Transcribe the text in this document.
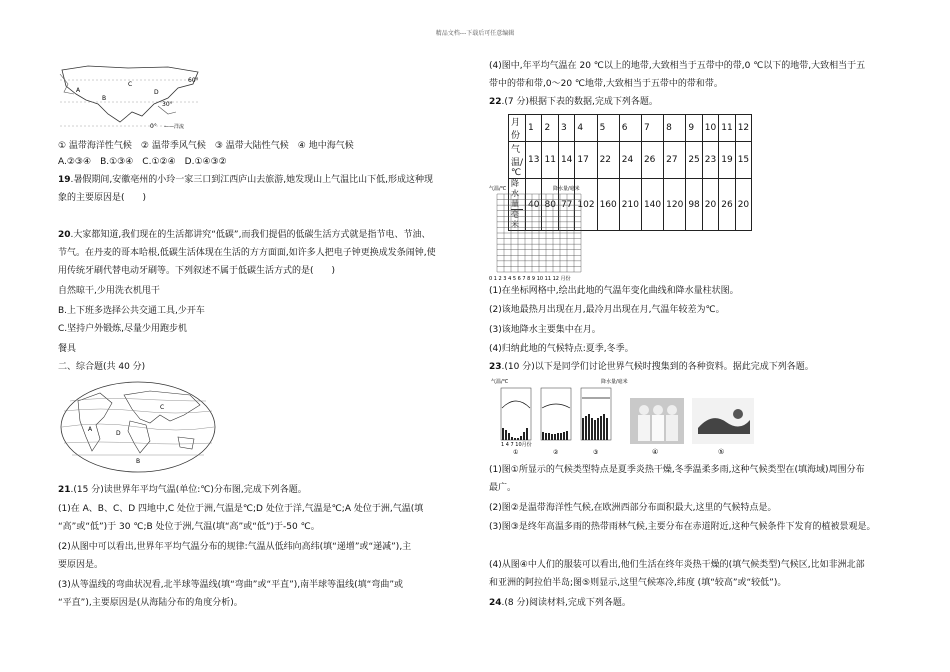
精品文档---下载后可任意编辑
60°
30°
0° ——洋流
A
B
C
D
① 温带海洋性气候　② 温带季风气候　③ 温带大陆性气候　④ 地中海气候
A.②③④　B.①③④　C.①②④　D.①④③②
19.暑假期间,安徽亳州的小玲一家三口到江西庐山去旅游,她发现山上气温比山下低,形成这种现
象的主要原因是(　　)
20.大家都知道,我们现在的生活都讲究“低碳”,而我们提倡的低碳生活方式就是指节电、节油、
节气。在丹麦的哥本哈根,低碳生活体现在生活的方方面面,如许多人把电子钟更换成发条闹钟,使
用传统牙刷代替电动牙刷等。下列叙述不属于低碳生活方式的是(　　)
自然晾干,少用洗衣机甩干
B.上下班多选择公共交通工具,少开车
C.坚持户外锻炼,尽量少用跑步机
餐具
二、综合题(共 40 分)
A
B
C
D
21.(15 分)读世界年平均气温(单位:℃)分布图,完成下列各题。
(1)在 A、B、C、D 四地中,C 处位于洲,气温是℃;D 处位于洋,气温是℃;A 处位于洲,气温(填
“高”或“低”)于 30 ℃;B 处位于洲,气温(填“高”或“低”)于-50 ℃。
(2)从图中可以看出,世界年平均气温分布的规律:气温从低纬向高纬(填“递增”或“递减”),主
要原因是。
(3)从等温线的弯曲状况看,北半球等温线(填“弯曲”或“平直”),南半球等温线(填“弯曲”或
“平直”),主要原因是(从海陆分布的角度分析)。
(4)图中,年平均气温在 20 ℃以上的地带,大致相当于五带中的带,0 ℃以下的地带,大致相当于五
带中的带和带,0～20 ℃地带,大致相当于五带中的带和带。
22.(7 分)根据下表的数据,完成下列各题。
月份	1	2	3	4	5	6	7	8	9	10	11	12
气温/℃	13	11	14	17	22	24	26	27	25	23	19	15

降水量
毫米	40	80	77	102	160	210	140	120	98	20	26	20
气温/℃	降水量/毫米
0 1 2 3 4 5 6 7 8 9 10 11 12 月份
(1)在坐标网格中,绘出此地的气温年变化曲线和降水量柱状图。
(2)该地最热月出现在月,最冷月出现在月,气温年较差为℃。
(3)该地降水主要集中在月。
(4)归纳此地的气候特点:夏季,冬季。
23.(10 分)以下是同学们讨论世界气候时搜集到的各种资料。据此完成下列各题。
气温/℃	降水量/毫米
1 4 7 10月份
①	②	③	④	⑤
(1)图①所显示的气候类型特点是夏季炎热干燥,冬季温柔多雨,这种气候类型在(填海域)周围分布
最广。
(2)图②是温带海洋性气候,在欧洲西部分布面积最大,这里的气候特点是。
(3)图③是终年高温多雨的热带雨林气候,主要分布在赤道附近,这种气候条件下发育的植被景观是。
(4)从图④中人们的服装可以看出,他们生活在终年炎热干燥的(填气候类型)气候区,比如非洲北部
和亚洲的阿拉伯半岛;图⑤则显示,这里气候寒冷,纬度 (填“较高”或“较低”)。
24.(8 分)阅读材料,完成下列各题。
